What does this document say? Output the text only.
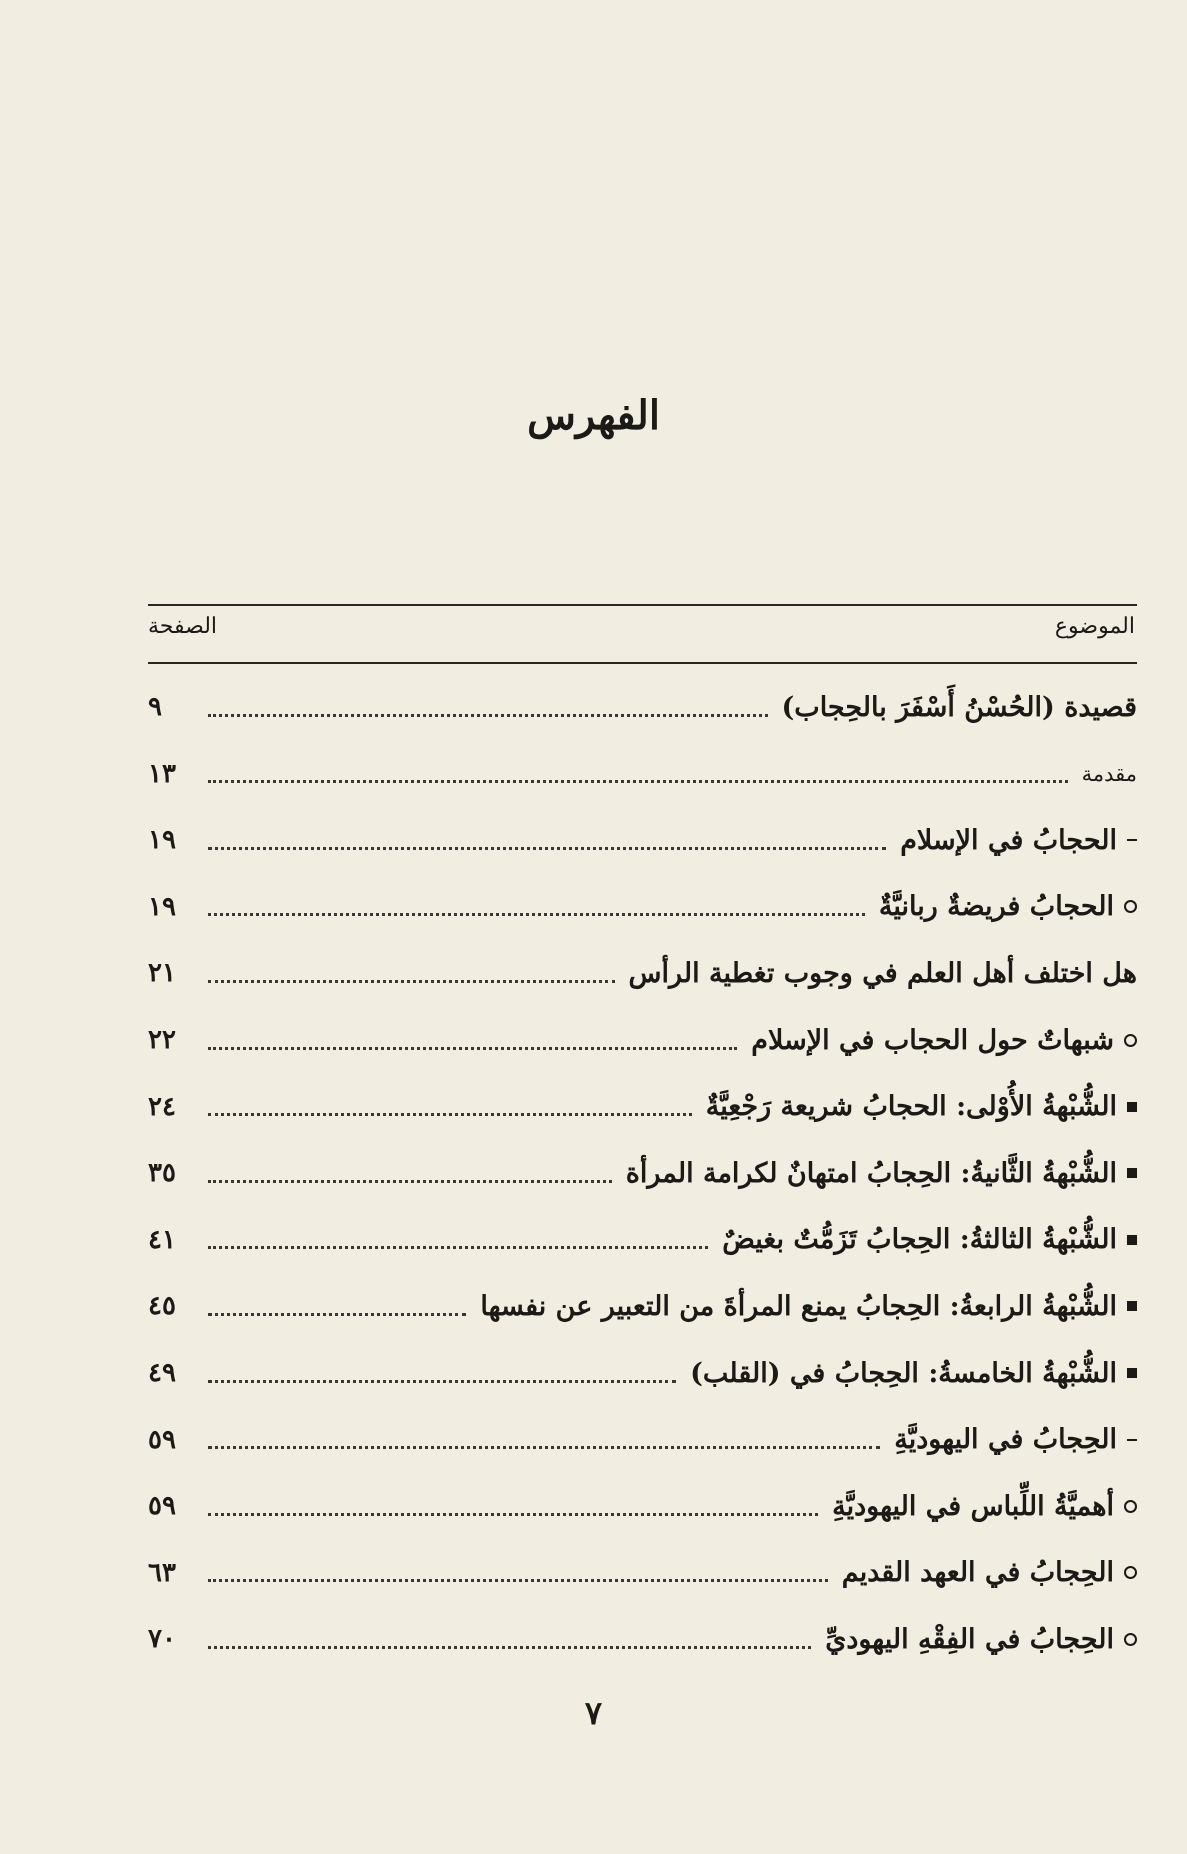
الفهرس
الموضوع
الصفحة
قصيدة (الحُسْنُ أَسْفَرَ بالحِجاب)
٩
مقدمة
١٣
الحجابُ في الإسلام
١٩
الحجابُ فريضةٌ ربانيَّةٌ
١٩
هل اختلف أهل العلم في وجوب تغطية الرأس
٢١
شبهاتٌ حول الحجاب في الإسلام
٢٢
الشُّبْهةُ الأُوْلى: الحجابُ شريعة رَجْعِيَّةٌ
٢٤
الشُّبْهةُ الثَّانيةُ: الحِجابُ امتهانٌ لكرامة المرأة
٣٥
الشُّبْهةُ الثالثةُ: الحِجابُ تَزَمُّتٌ بغيضٌ
٤١
الشُّبْهةُ الرابعةُ: الحِجابُ يمنع المرأةَ من التعبير عن نفسها
٤٥
الشُّبْهةُ الخامسةُ: الحِجابُ في (القلب)
٤٩
الحِجابُ في اليهوديَّةِ
٥٩
أهميَّةُ اللِّباس في اليهوديَّةِ
٥٩
الحِجابُ في العهد القديم
٦٣
الحِجابُ في الفِقْهِ اليهوديِّ
٧٠
٧
